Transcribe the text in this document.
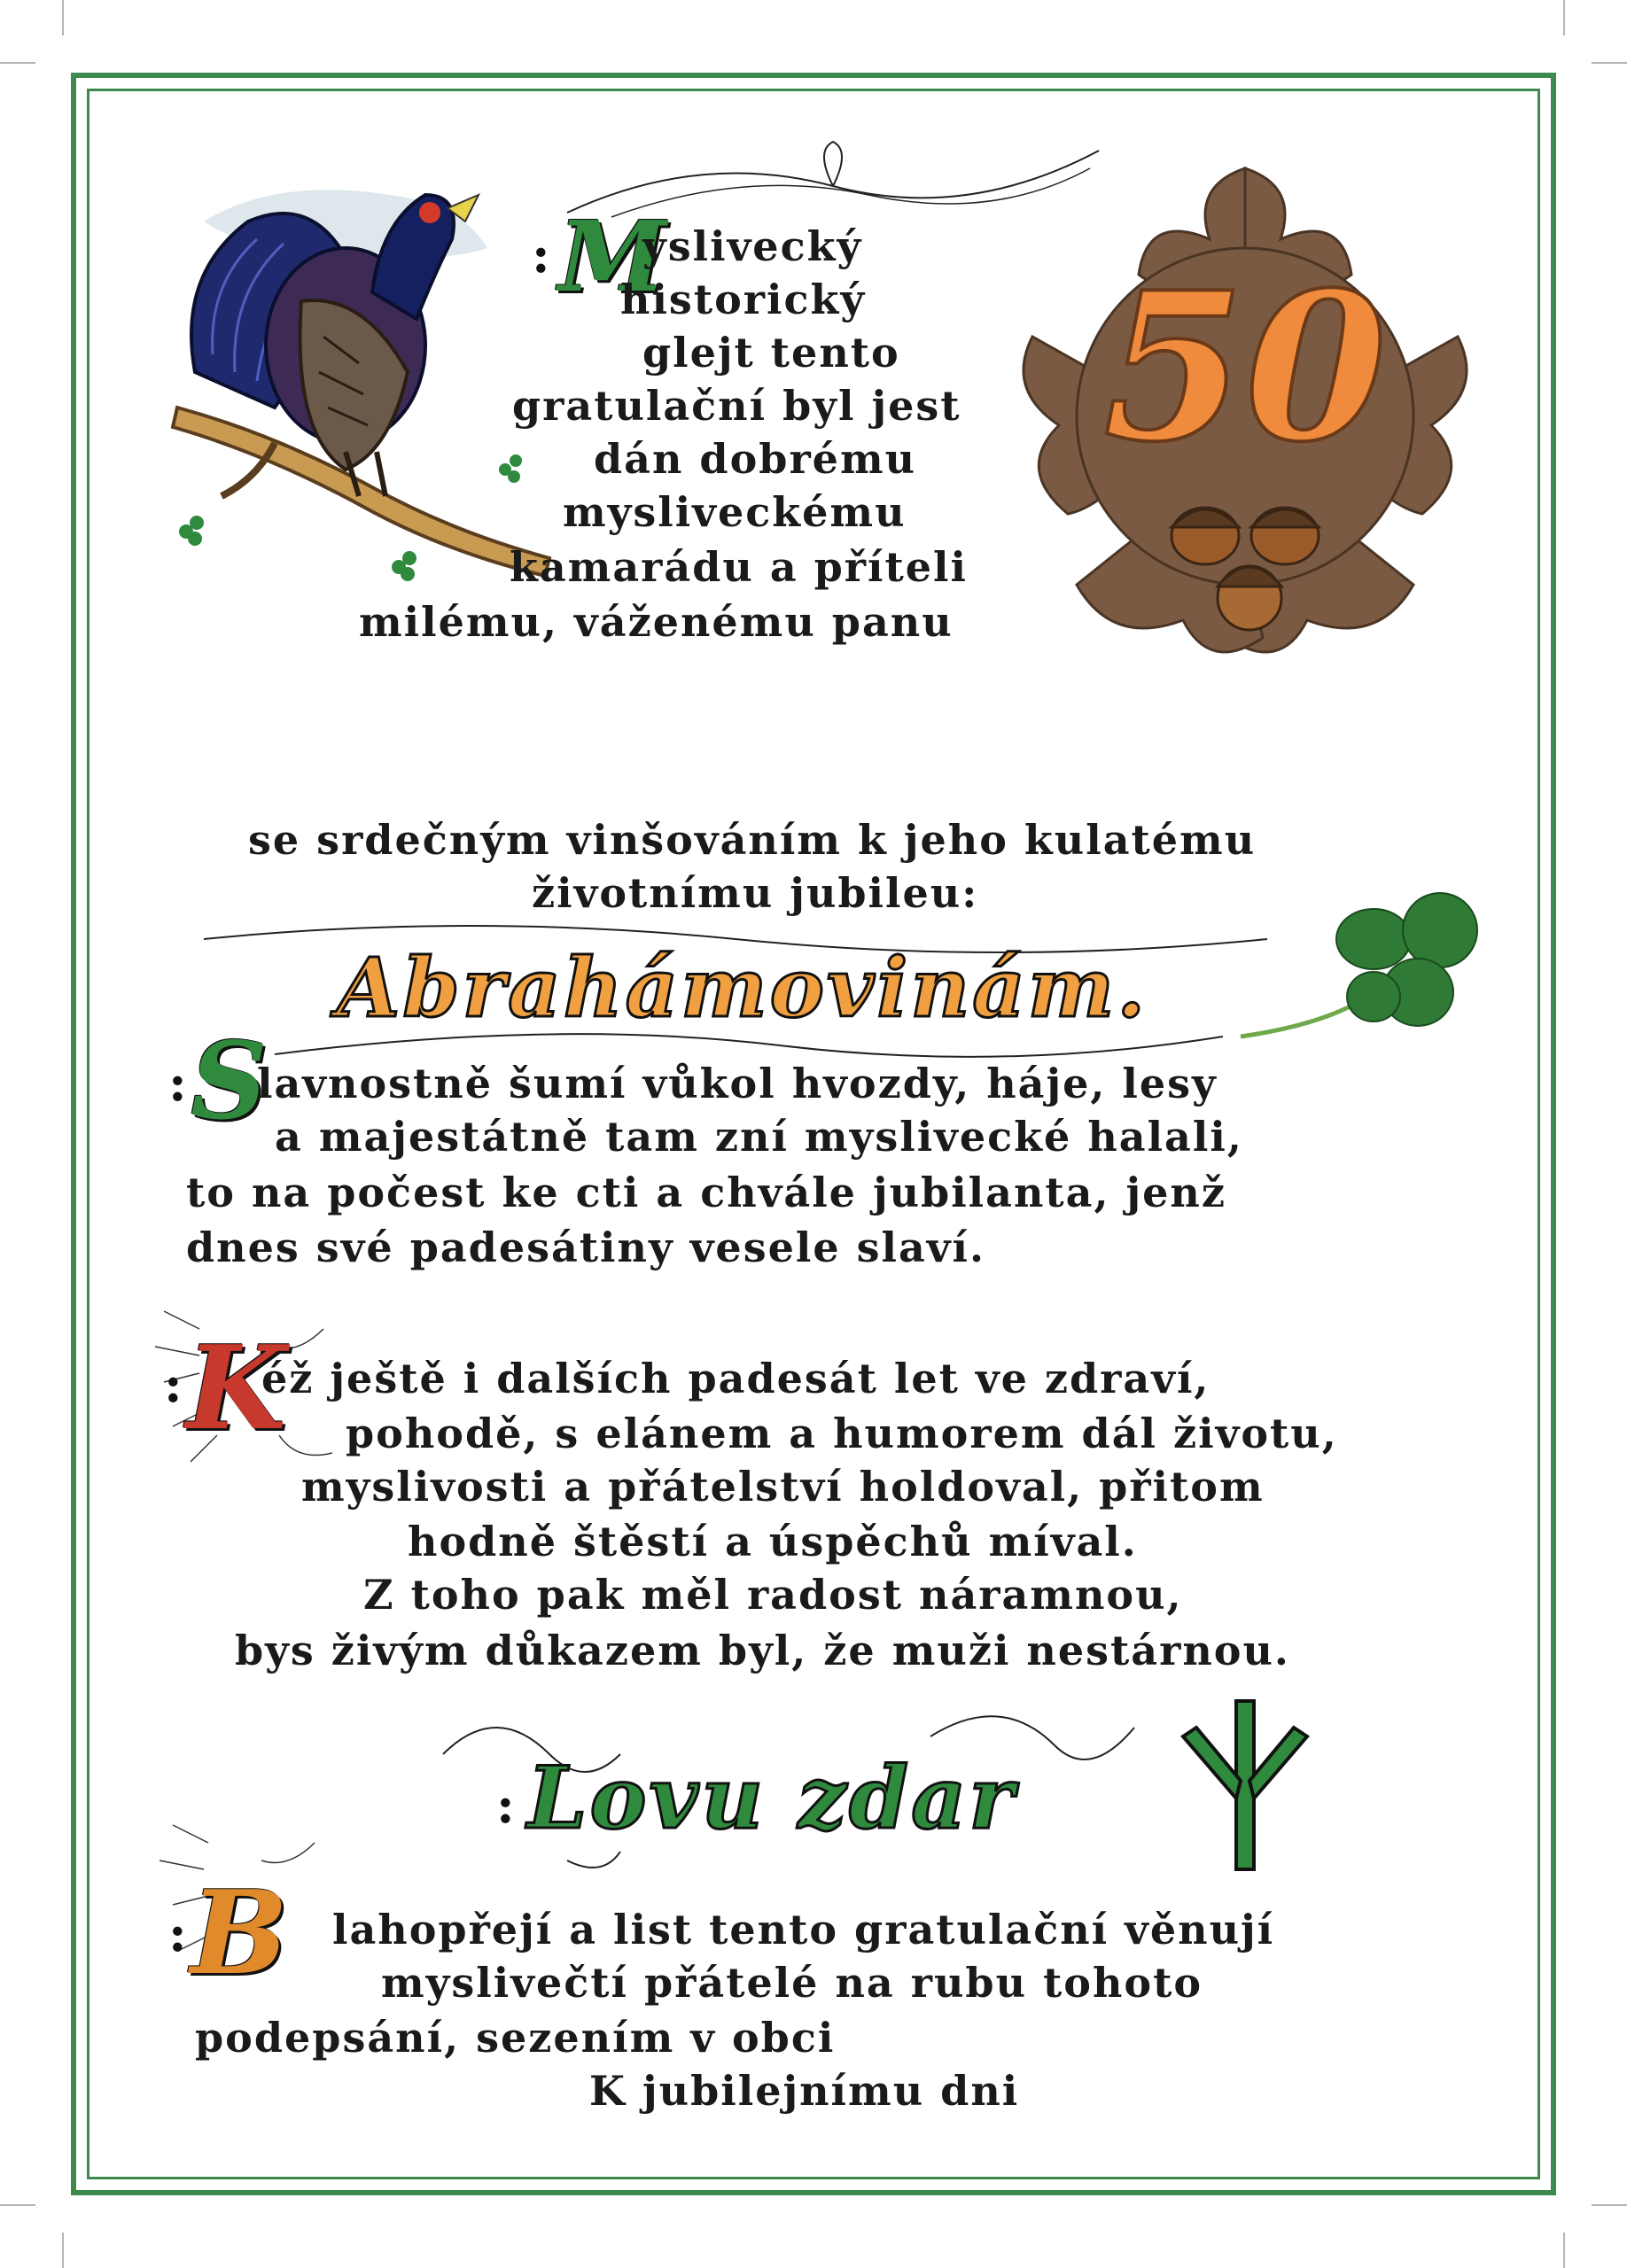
: M
yslivecký
historický
glejt tento
gratulační byl jest
dán dobrému
mysliveckému
kamarádu a příteli
milému, váženému panu
50
se srdečným vinšováním k jeho kulatému
životnímu jubileu:
Abrahámovinám.
: S
lavnostně šumí vůkol hvozdy, háje, lesy
a majestátně tam zní myslivecké halali,
to na počest ke cti a chvále jubilanta, jenž
dnes své padesátiny vesele slaví.
: K
éž ještě i dalších padesát let ve zdraví,
pohodě, s elánem a humorem dál životu,
myslivosti a přátelství holdoval, přitom
hodně štěstí a úspěchů míval.
Z toho pak měl radost náramnou,
bys živým důkazem byl, že muži nestárnou.
: Lovu zdar
: B lahopřejí a list tento gratulační věnují
myslivečtí přátelé na rubu tohoto
podepsání, sezením v obci
K jubilejnímu dni
